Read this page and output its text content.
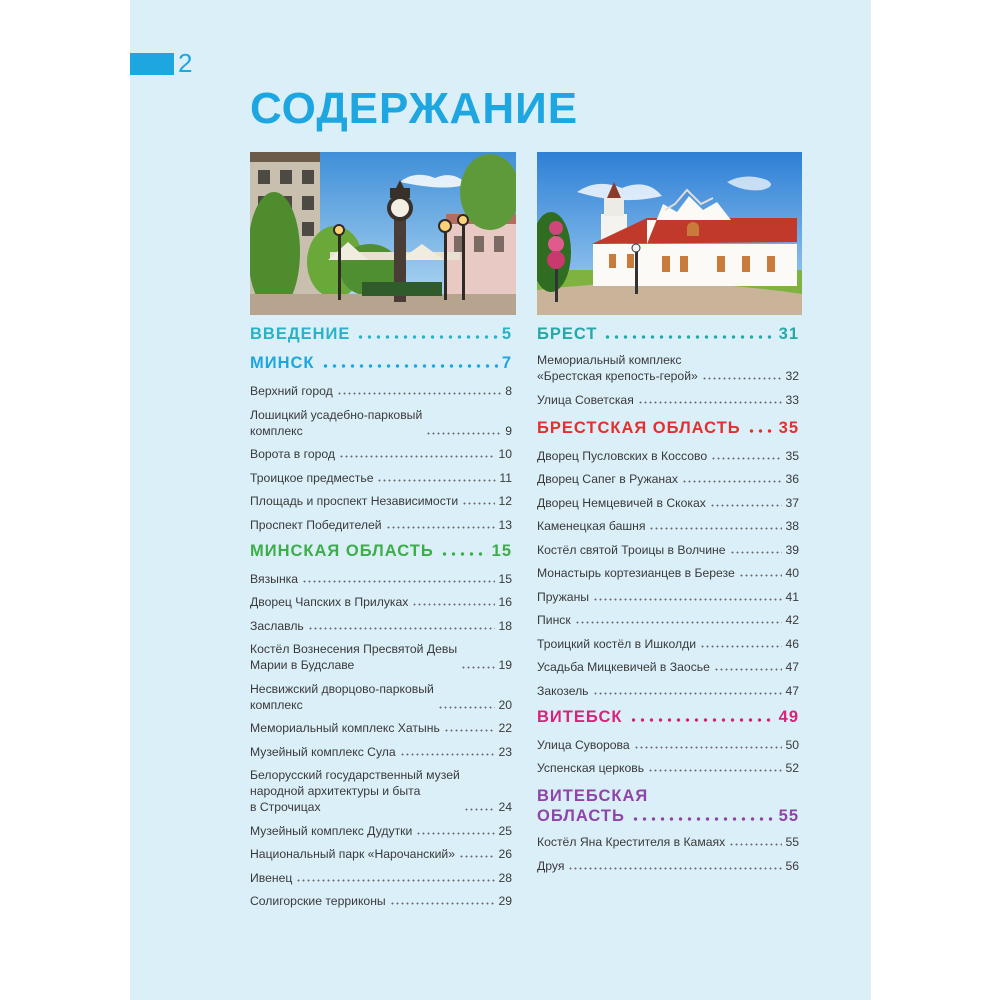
2
СОДЕРЖАНИЕ
ВВЕДЕНИЕ	5
МИНСК	7
Верхний город	8
Лошицкий усадебно-парковый
комплекс	9
Ворота в город	10
Троицкое предместье	11
Площадь и проспект Независимости	12
Проспект Победителей	13
МИНСКАЯ ОБЛАСТЬ	15
Вязынка	15
Дворец Чапских в Прилуках	16
Заславль	18
Костёл Вознесения Пресвятой Девы
Марии в Будславе	19
Несвижский дворцово-парковый
комплекс	20
Мемориальный комплекс Хатынь	22
Музейный комплекс Сула	23
Белорусский государственный музей
народной архитектуры и быта
в Строчицах	24
Музейный комплекс Дудутки	25
Национальный парк «Нарочанский»	26
Ивенец	28
Солигорские терриконы	29
БРЕСТ	31
Мемориальный комплекс
«Брестская крепость-герой»	32
Улица Советская	33
БРЕСТСКАЯ ОБЛАСТЬ 35
Дворец Пусловских в Коссово	35
Дворец Сапег в Ружанах	36
Дворец Немцевичей в Скоках	37
Каменецкая башня	38
Костёл святой Троицы в Волчине	39
Монастырь кортезианцев в Березе	40
Пружаны	41
Пинск	42
Троицкий костёл в Ишколди	46
Усадьба Мицкевичей в Заосье	47
Закозель	47
ВИТЕБСК	49
Улица Суворова	50
Успенская церковь	52
ВИТЕБСКАЯ
ОБЛАСТЬ	55
Костёл Яна Крестителя в Камаях	55
Друя	56
